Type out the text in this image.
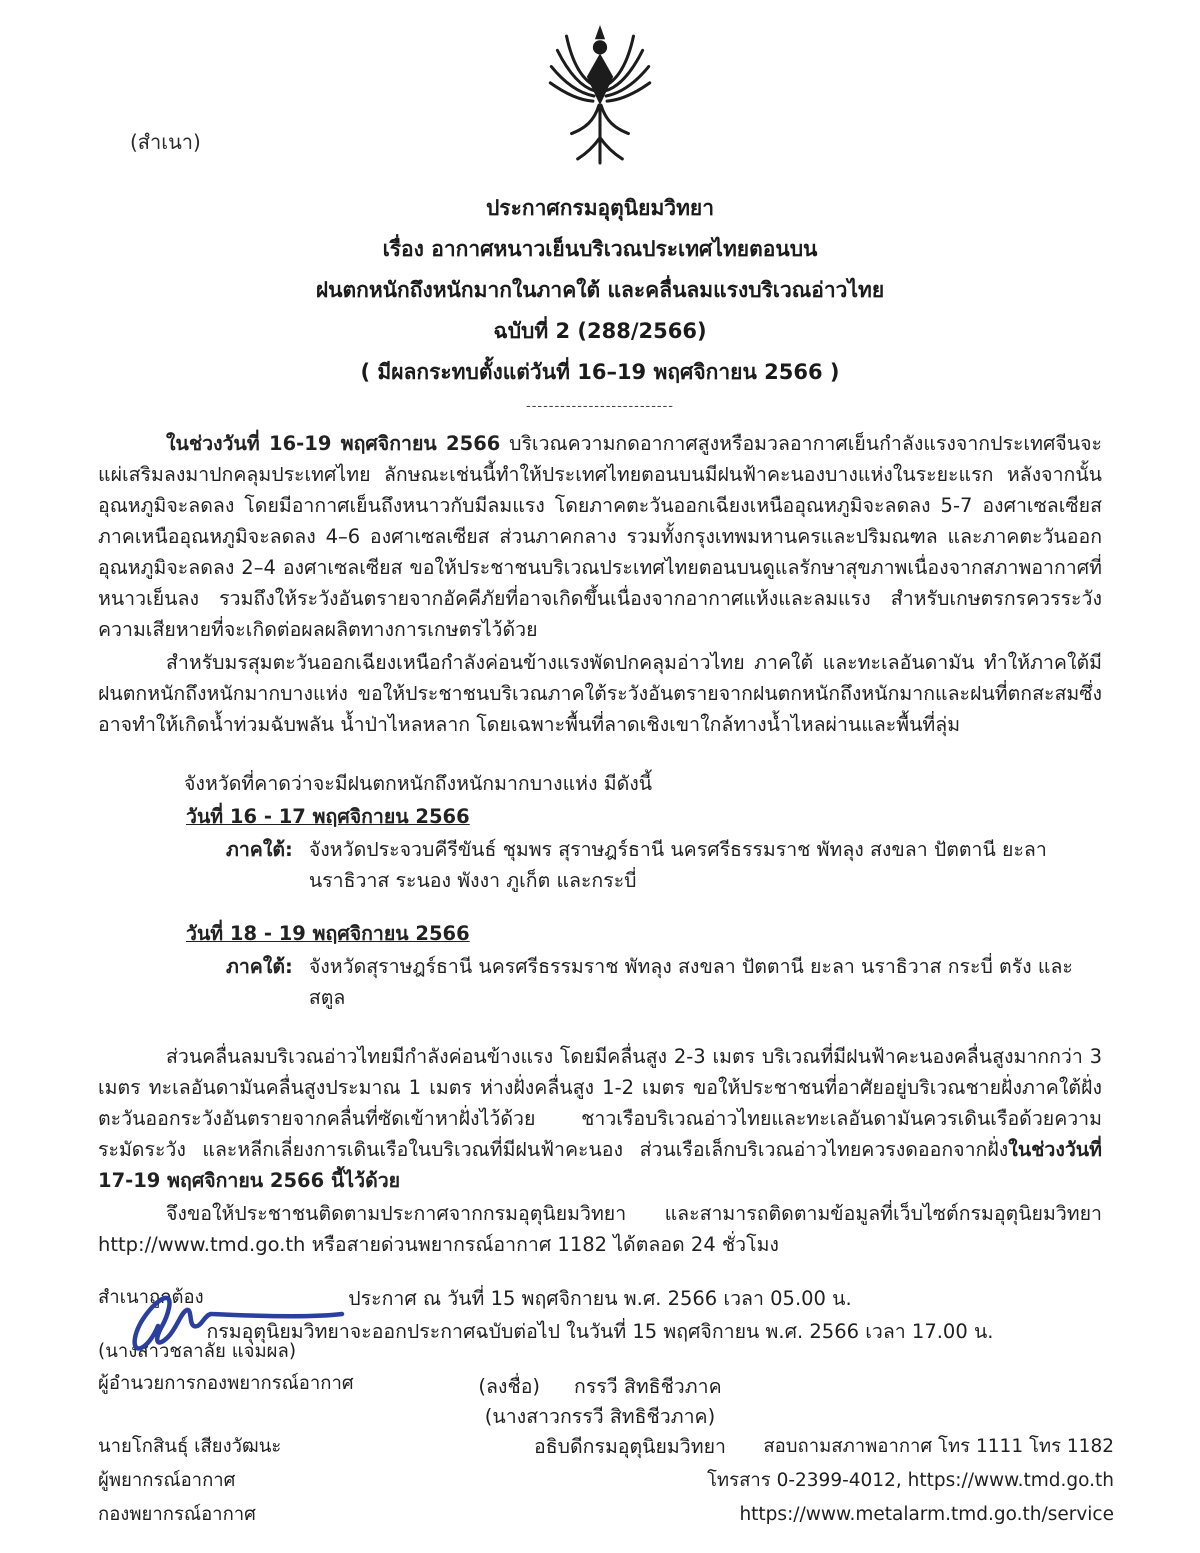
(สำเนา)
ประกาศกรมอุตุนิยมวิทยา
เรื่อง อากาศหนาวเย็นบริเวณประเทศไทยตอนบน
ฝนตกหนักถึงหนักมากในภาคใต้ และคลื่นลมแรงบริเวณอ่าวไทย
ฉบับที่ 2 (288/2566)
( มีผลกระทบตั้งแต่วันที่ 16–19 พฤศจิกายน 2566 )
--------------------------

ในช่วงวันที่ 16-19 พฤศจิกายน 2566 บริเวณความกดอากาศสูงหรือมวลอากาศเย็นกำลังแรงจากประเทศจีนจะแผ่เสริมลงมาปกคลุมประเทศไทย ลักษณะเช่นนี้ทำให้ประเทศไทยตอนบนมีฝนฟ้าคะนองบางแห่งในระยะแรก หลังจากนั้นอุณหภูมิจะลดลง โดยมีอากาศเย็นถึงหนาวกับมีลมแรง โดยภาคตะวันออกเฉียงเหนืออุณหภูมิจะลดลง 5-7 องศาเซลเซียส ภาคเหนืออุณหภูมิจะลดลง 4–6 องศาเซลเซียส ส่วนภาคกลาง รวมทั้งกรุงเทพมหานครและปริมณฑล และภาคตะวันออก อุณหภูมิจะลดลง 2–4 องศาเซลเซียส ขอให้ประชาชนบริเวณประเทศไทยตอนบนดูแลรักษาสุขภาพเนื่องจากสภาพอากาศที่หนาวเย็นลง รวมถึงให้ระวังอันตรายจากอัคคีภัยที่อาจเกิดขึ้นเนื่องจากอากาศแห้งและลมแรง สำหรับเกษตรกรควรระวังความเสียหายที่จะเกิดต่อผลผลิตทางการเกษตรไว้ด้วย

สำหรับมรสุมตะวันออกเฉียงเหนือกำลังค่อนข้างแรงพัดปกคลุมอ่าวไทย ภาคใต้ และทะเลอันดามัน ทำให้ภาคใต้มีฝนตกหนักถึงหนักมากบางแห่ง ขอให้ประชาชนบริเวณภาคใต้ระวังอันตรายจากฝนตกหนักถึงหนักมากและฝนที่ตกสะสมซึ่งอาจทำให้เกิดน้ำท่วมฉับพลัน น้ำป่าไหลหลาก โดยเฉพาะพื้นที่ลาดเชิงเขาใกล้ทางน้ำไหลผ่านและพื้นที่ลุ่ม

จังหวัดที่คาดว่าจะมีฝนตกหนักถึงหนักมากบางแห่ง มีดังนี้
วันที่ 16 - 17 พฤศจิกายน 2566
ภาคใต้: จังหวัดประจวบคีรีขันธ์ ชุมพร สุราษฎร์ธานี นครศรีธรรมราช พัทลุง สงขลา ปัตตานี ยะลา นราธิวาส ระนอง พังงา ภูเก็ต และกระบี่
วันที่ 18 - 19 พฤศจิกายน 2566
ภาคใต้: จังหวัดสุราษฎร์ธานี นครศรีธรรมราช พัทลุง สงขลา ปัตตานี ยะลา นราธิวาส กระบี่ ตรัง และสตูล

ส่วนคลื่นลมบริเวณอ่าวไทยมีกำลังค่อนข้างแรง โดยมีคลื่นสูง 2-3 เมตร บริเวณที่มีฝนฟ้าคะนองคลื่นสูงมากกว่า 3 เมตร ทะเลอันดามันคลื่นสูงประมาณ 1 เมตร ห่างฝั่งคลื่นสูง 1-2 เมตร ขอให้ประชาชนที่อาศัยอยู่บริเวณชายฝั่งภาคใต้ฝั่งตะวันออกระวังอันตรายจากคลื่นที่ซัดเข้าหาฝั่งไว้ด้วย ชาวเรือบริเวณอ่าวไทยและทะเลอันดามันควรเดินเรือด้วยความระมัดระวัง และหลีกเลี่ยงการเดินเรือในบริเวณที่มีฝนฟ้าคะนอง ส่วนเรือเล็กบริเวณอ่าวไทยควรงดออกจากฝั่งในช่วงวันที่ 17-19 พฤศจิกายน 2566 นี้ไว้ด้วย

จึงขอให้ประชาชนติดตามประกาศจากกรมอุตุนิยมวิทยา และสามารถติดตามข้อมูลที่เว็บไซต์กรมอุตุนิยมวิทยา http://www.tmd.go.th หรือสายด่วนพยากรณ์อากาศ 1182 ได้ตลอด 24 ชั่วโมง

ประกาศ ณ วันที่ 15 พฤศจิกายน พ.ศ. 2566 เวลา 05.00 น.
กรมอุตุนิยมวิทยาจะออกประกาศฉบับต่อไป ในวันที่ 15 พฤศจิกายน พ.ศ. 2566 เวลา 17.00 น.
(ลงชื่อ) กรรวี สิทธิชีวภาค
(นางสาวกรรวี สิทธิชีวภาค)
อธิบดีกรมอุตุนิยมวิทยา
สำเนาถูกต้อง
(นางสาวชลาลัย แจ่มผล)
ผู้อำนวยการกองพยากรณ์อากาศ
นายโกสินธุ์ เสียงวัฒนะ
ผู้พยากรณ์อากาศ
กองพยากรณ์อากาศ
สอบถามสภาพอากาศ โทร 1111 โทร 1182
โทรสาร 0-2399-4012, https://www.tmd.go.th
https://www.metalarm.tmd.go.th/service
